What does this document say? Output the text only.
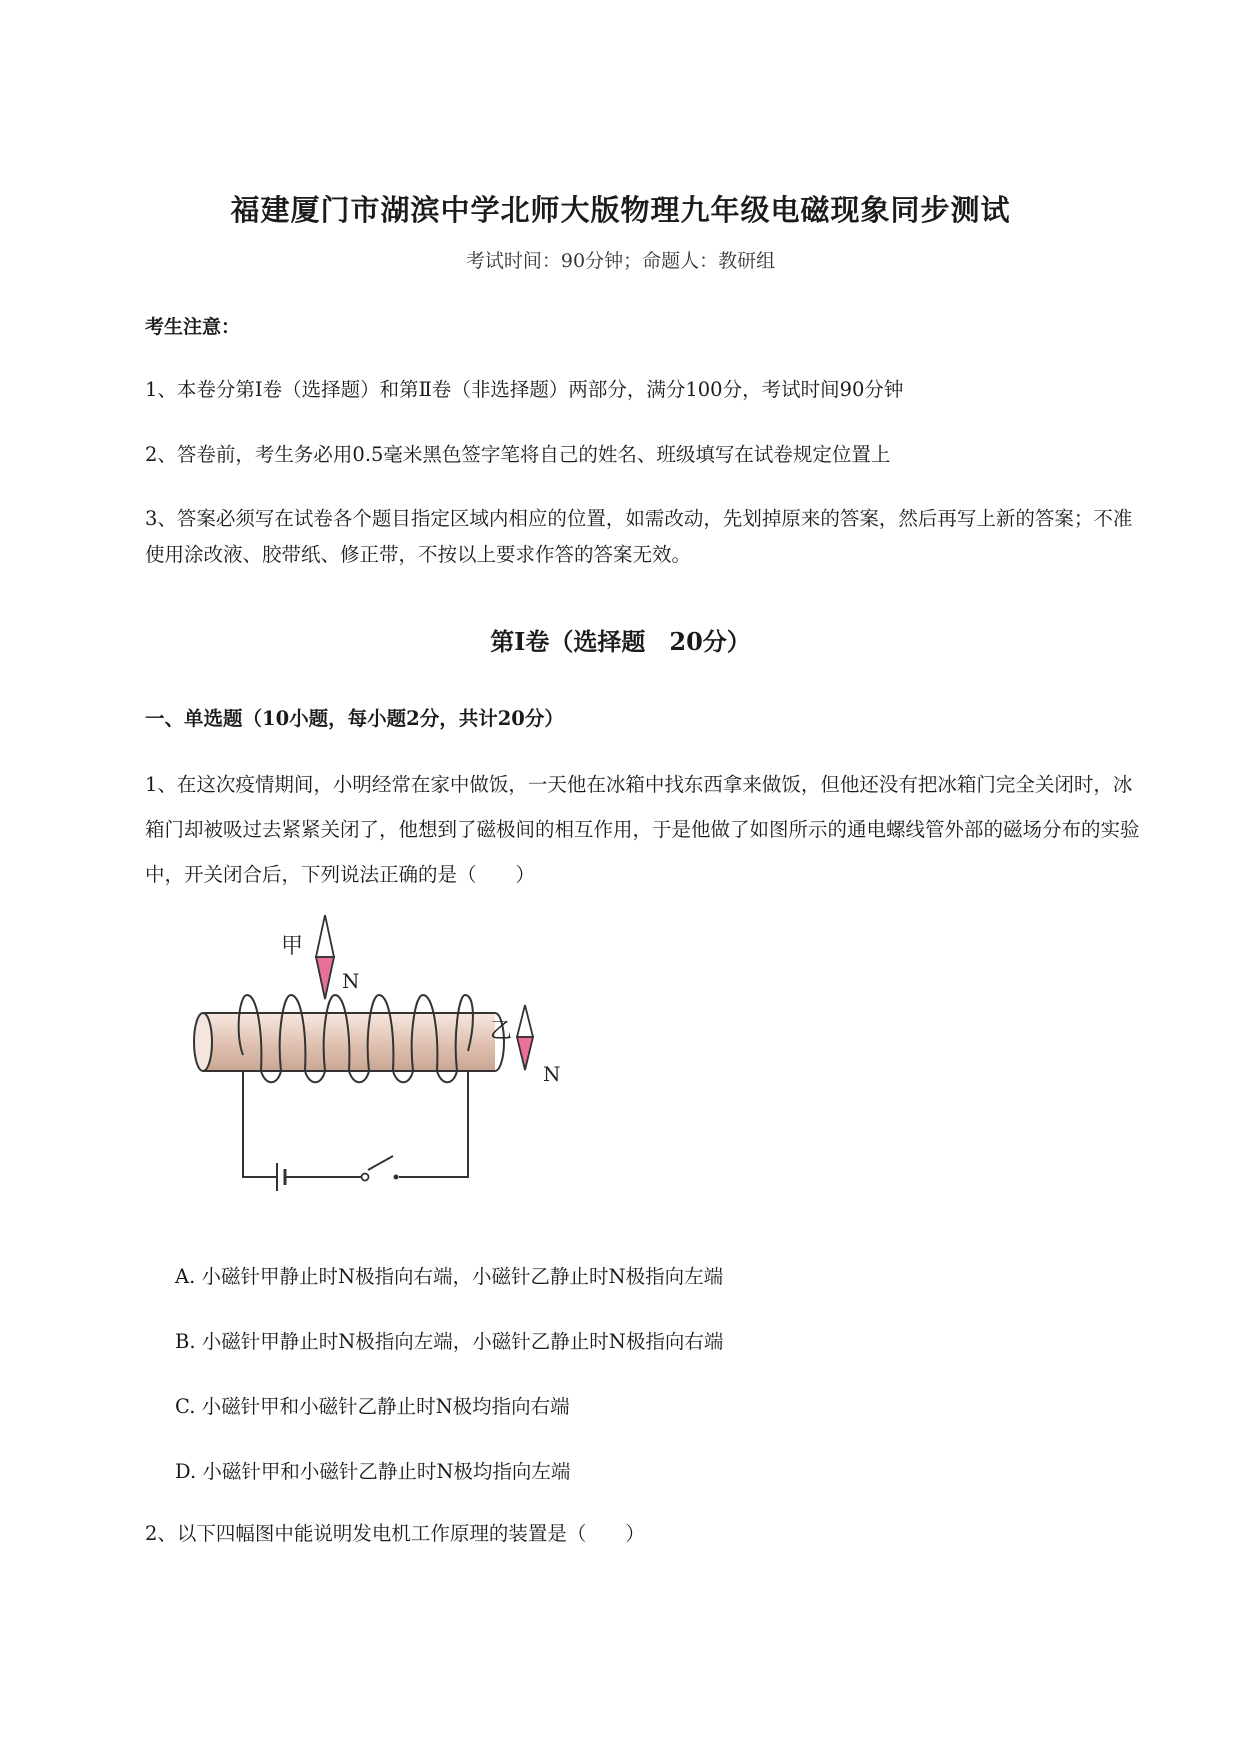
福建厦门市湖滨中学北师大版物理九年级电磁现象同步测试
考试时间：90分钟；命题人：教研组
考生注意：
1、本卷分第Ⅰ卷（选择题）和第Ⅱ卷（非选择题）两部分，满分100分，考试时间90分钟
2、答卷前，考生务必用0.5毫米黑色签字笔将自己的姓名、班级填写在试卷规定位置上
3、答案必须写在试卷各个题目指定区域内相应的位置，如需改动，先划掉原来的答案，然后再写上新的答案；不准使用涂改液、胶带纸、修正带，不按以上要求作答的答案无效。
第Ⅰ卷（选择题　20分）
一、单选题（10小题，每小题2分，共计20分）
1、在这次疫情期间，小明经常在家中做饭，一天他在冰箱中找东西拿来做饭，但他还没有把冰箱门完全关闭时，冰箱门却被吸过去紧紧关闭了，他想到了磁极间的相互作用，于是他做了如图所示的通电螺线管外部的磁场分布的实验中，开关闭合后，下列说法正确的是（　　）
甲
N
乙
N
A. 小磁针甲静止时N极指向右端，小磁针乙静止时N极指向左端
B. 小磁针甲静止时N极指向左端，小磁针乙静止时N极指向右端
C. 小磁针甲和小磁针乙静止时N极均指向右端
D. 小磁针甲和小磁针乙静止时N极均指向左端
2、以下四幅图中能说明发电机工作原理的装置是（　　）
